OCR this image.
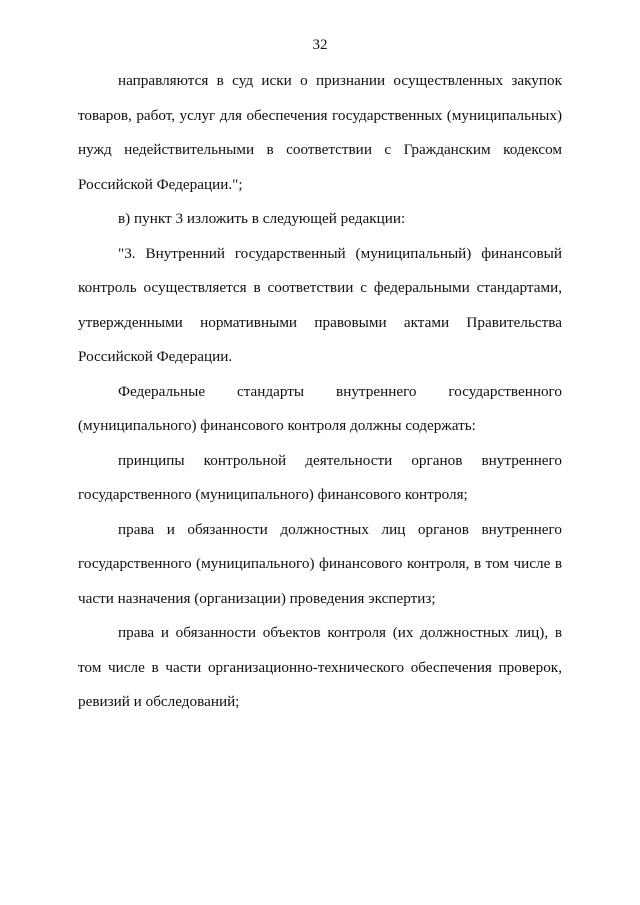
32

направляются в суд иски о признании осуществленных закупок товаров, работ, услуг для обеспечения государственных (муниципальных) нужд недействительными в соответствии с Гражданским кодексом Российской Федерации.";

в) пункт 3 изложить в следующей редакции:

"3. Внутренний государственный (муниципальный) финансовый контроль осуществляется в соответствии с федеральными стандартами, утвержденными нормативными правовыми актами Правительства Российской Федерации.

Федеральные стандарты внутреннего государственного (муниципального) финансового контроля должны содержать:

принципы контрольной деятельности органов внутреннего государственного (муниципального) финансового контроля;

права и обязанности должностных лиц органов внутреннего государственного (муниципального) финансового контроля, в том числе в части назначения (организации) проведения экспертиз;

права и обязанности объектов контроля (их должностных лиц), в том числе в части организационно-технического обеспечения проверок, ревизий и обследований;
